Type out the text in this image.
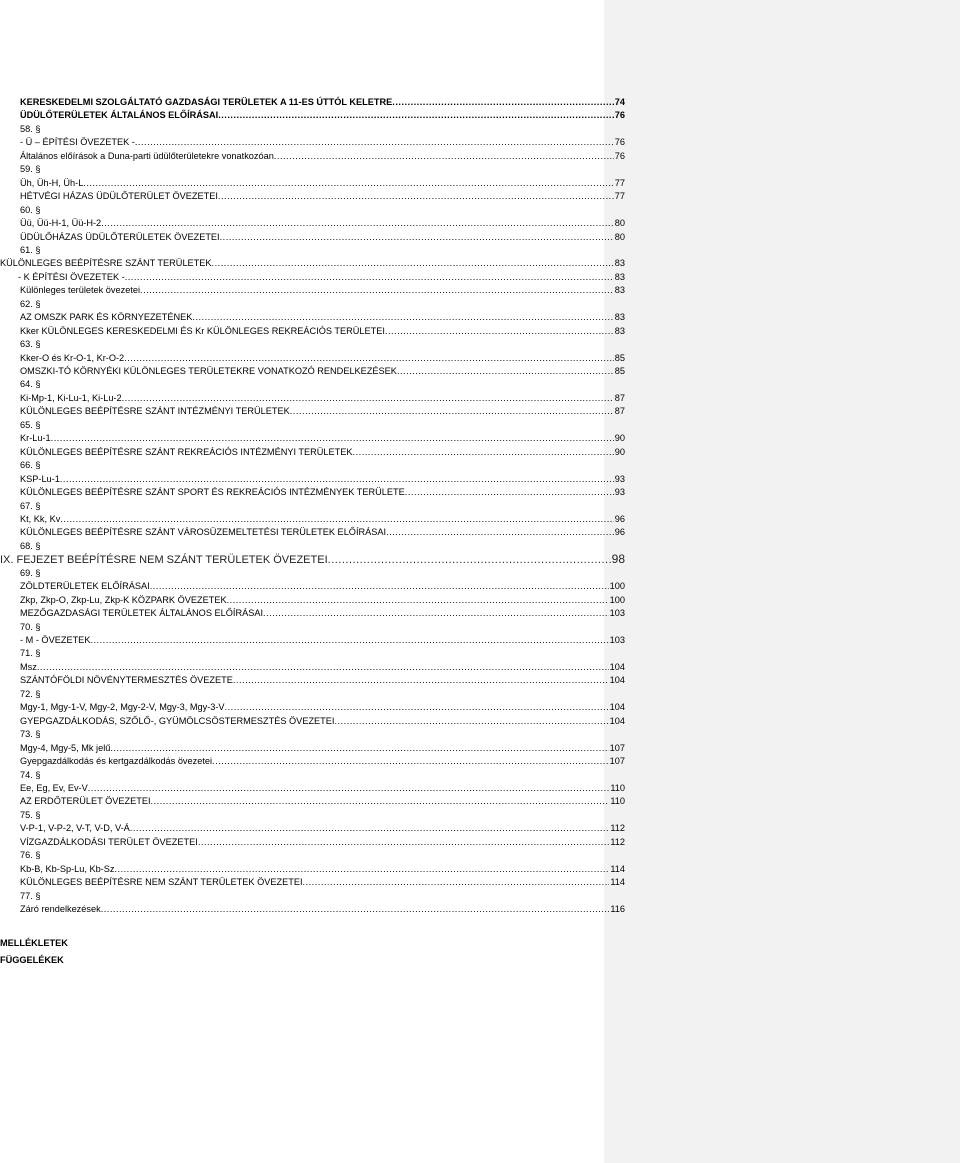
KERESKEDELMI SZOLGÁLTATÓ GAZDASÁGI TERÜLETEK A 11-ES ÚTTÓL KELETRE .....	74
ÜDÜLŐTERÜLETEK ÁLTALÁNOS ELŐÍRÁSAI .....	76
58. §
- Ü – ÉPÍTÉSI ÖVEZETEK - .....	76
Általános előírások a Duna-parti üdülőterületekre vonatkozóan .....	76
59. §
Üh, Üh-H, Üh-L .....	77
HÉTVÉGI HÁZAS ÜDÜLŐTERÜLET ÖVEZETEI .....	77
60. §
Üü, Üü-H-1, Üü-H-2 .....	80
ÜDÜLŐHÁZAS ÜDÜLŐTERÜLETEK ÖVEZETEI .....	80
61. §
KÜLÖNLEGES BEÉPÍTÉSRE SZÁNT TERÜLETEK .....	83
- K ÉPÍTÉSI ÖVEZETEK - .....	83
Különleges területek övezetei .....	83
62. §
AZ OMSZK PARK ÉS KÖRNYEZETÉNEK .....	83
Kker KÜLÖNLEGES KERESKEDELMI ÉS Kr KÜLÖNLEGES REKREÁCIÓS TERÜLETEI .....	83
63. §
Kker-O és Kr-O-1, Kr-O-2 .....	85
OMSZKI-TÓ KÖRNYÉKI KÜLÖNLEGES TERÜLETEKRE VONATKOZÓ RENDELKEZÉSEK .....	85
64. §
Ki-Mp-1, Ki-Lu-1, Ki-Lu-2 .....	87
KÜLÖNLEGES BEÉPÍTÉSRE SZÁNT INTÉZMÉNYI TERÜLETEK .....	87
65. §
Kr-Lu-1 .....	90
KÜLÖNLEGES BEÉPÍTÉSRE SZÁNT REKREÁCIÓS INTÉZMÉNYI TERÜLETEK .....	90
66. §
KSP-Lu-1 .....	93
KÜLÖNLEGES BEÉPÍTÉSRE SZÁNT SPORT ÉS REKREÁCIÓS INTÉZMÉNYEK TERÜLETE .....	93
67. §
Kt, Kk, Kv .....	96
KÜLÖNLEGES BEÉPÍTÉSRE SZÁNT VÁROSÜZEMELTETÉSI TERÜLETEK ELŐÍRÁSAI .....	96
68. §
IX. FEJEZET BEÉPÍTÉSRE NEM SZÁNT TERÜLETEK ÖVEZETEI .....	98
69. §
ZÖLDTERÜLETEK ELŐÍRÁSAI .....	100
Zkp, Zkp-O, Zkp-Lu, Zkp-K KÖZPARK ÖVEZETEK .....	100
MEZŐGAZDASÁGI TERÜLETEK ÁLTALÁNOS ELŐÍRÁSAI .....	103
70. §
- M - ÖVEZETEK .....	103
71. §
Msz .....	104
SZÁNTÓFÖLDI NÖVÉNYTERMESZTÉS ÖVEZETE .....	104
72. §
Mgy-1, Mgy-1-V, Mgy-2, Mgy-2-V, Mgy-3, Mgy-3-V .....	104
GYEPGAZDÁLKODÁS, SZŐLŐ-, GYÜMÖLCSÖSTERMESZTÉS ÖVEZETEI .....	104
73. §
Mgy-4, Mgy-5, Mk jelű .....	107
Gyepgazdálkodás és kertgazdálkodás övezetei .....	107
74. §
Ee, Eg, Ev, Ev-V .....	110
AZ ERDŐTERÜLET ÖVEZETEI .....	110
75. §
V-P-1, V-P-2, V-T, V-D, V-Á .....	112
VÍZGAZDÁLKODÁSI TERÜLET ÖVEZETEI .....	112
76. §
Kb-B, Kb-Sp-Lu, Kb-Sz .....	114
KÜLÖNLEGES BEÉPÍTÉSRE NEM SZÁNT TERÜLETEK ÖVEZETEI .....	114
77. §
Záró rendelkezések .....	116
MELLÉKLETEK
FÜGGELÉKEK
